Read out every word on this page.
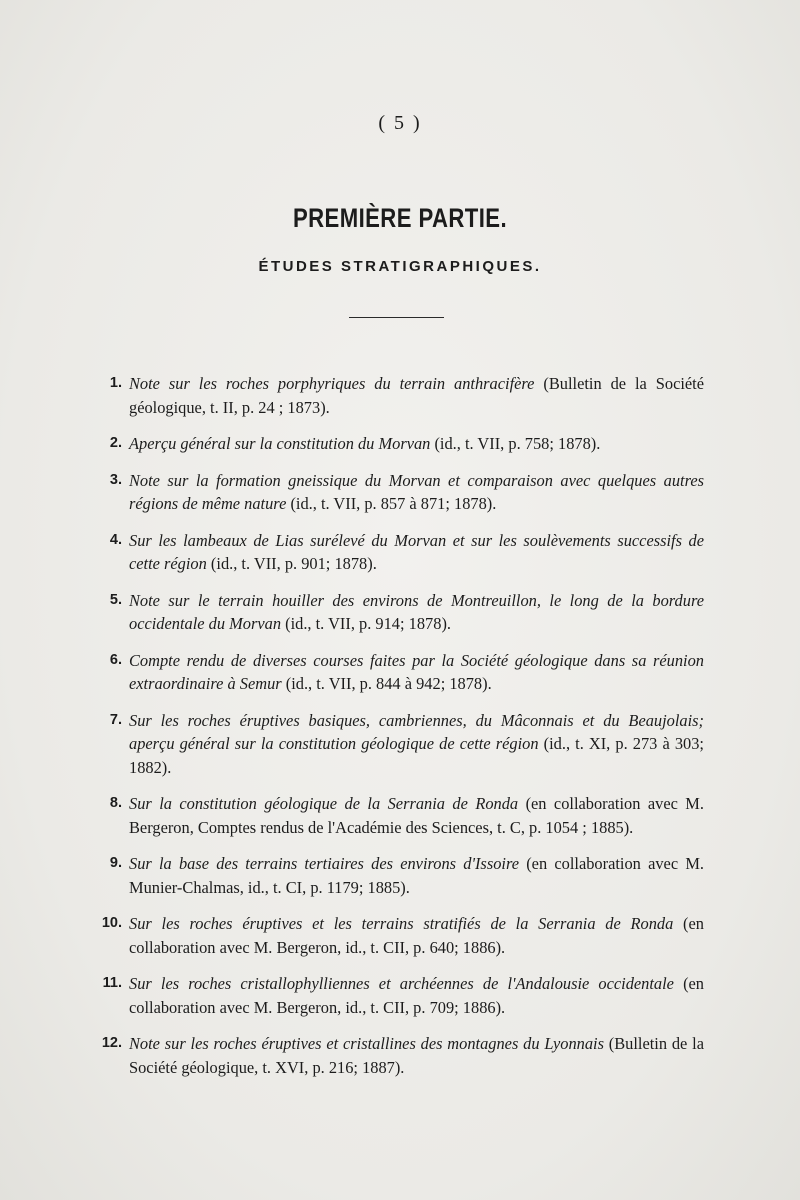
( 5 )
PREMIÈRE PARTIE.
ÉTUDES STRATIGRAPHIQUES.
1. Note sur les roches porphyriques du terrain anthracifère (Bulletin de la Société géologique, t. II, p. 24 ; 1873).
2. Aperçu général sur la constitution du Morvan (id., t. VII, p. 758; 1878).
3. Note sur la formation gneissique du Morvan et comparaison avec quelques autres régions de même nature (id., t. VII, p. 857 à 871; 1878).
4. Sur les lambeaux de Lias surélevé du Morvan et sur les soulèvements successifs de cette région (id., t. VII, p. 901; 1878).
5. Note sur le terrain houiller des environs de Montreuillon, le long de la bordure occidentale du Morvan (id., t. VII, p. 914; 1878).
6. Compte rendu de diverses courses faites par la Société géologique dans sa réunion extraordinaire à Semur (id., t. VII, p. 844 à 942; 1878).
7. Sur les roches éruptives basiques, cambriennes, du Mâconnais et du Beaujolais; aperçu général sur la constitution géologique de cette région (id., t. XI, p. 273 à 303; 1882).
8. Sur la constitution géologique de la Serrania de Ronda (en collaboration avec M. Bergeron, Comptes rendus de l'Académie des Sciences, t. C, p. 1054 ; 1885).
9. Sur la base des terrains tertiaires des environs d'Issoire (en collaboration avec M. Munier-Chalmas, id., t. CI, p. 1179; 1885).
10. Sur les roches éruptives et les terrains stratifiés de la Serrania de Ronda (en collaboration avec M. Bergeron, id., t. CII, p. 640; 1886).
11. Sur les roches cristallophylliennes et archéennes de l'Andalousie occidentale (en collaboration avec M. Bergeron, id., t. CII, p. 709; 1886).
12. Note sur les roches éruptives et cristallines des montagnes du Lyonnais (Bulletin de la Société géologique, t. XVI, p. 216; 1887).
